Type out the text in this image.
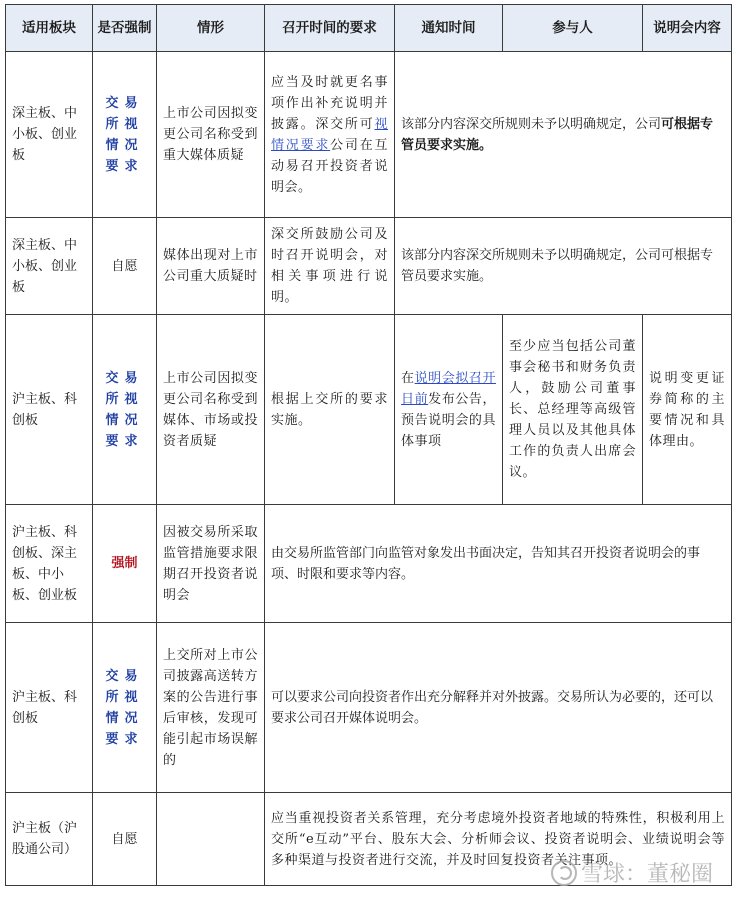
适用板块	是否强制	情形	召开时间的要求	通知时间	参与人	说明会内容
深主板、中小板、创业板	交易所视情况要求	上市公司因拟变更公司名称受到重大媒体质疑	应当及时就更名事项作出补充说明并披露。深交所可视情况要求公司在互动易召开投资者说明会。	该部分内容深交所规则未予以明确规定，公司可根据专管员要求实施。		
深主板、中小板、创业板	自愿	媒体出现对上市公司重大质疑时	深交所鼓励公司及时召开说明会，对相关事项进行说明。	该部分内容深交所规则未予以明确规定，公司可根据专管员要求实施。		
沪主板、科创板	交易所视情况要求	上市公司因拟变更公司名称受到媒体、市场或投资者质疑	根据上交所的要求实施。	在说明会拟召开日前发布公告，预告说明会的具体事项	至少应当包括公司董事会秘书和财务负责人，鼓励公司董事长、总经理等高级管理人员以及其他具体工作的负责人出席会议。	说明变更证券简称的主要情况和具体理由。
沪主板、科创板、深主板、中小板、创业板	强制	因被交易所采取监管措施要求限期召开投资者说明会	由交易所监管部门向监管对象发出书面决定，告知其召开投资者说明会的事项、时限和要求等内容。			
沪主板、科创板	交易所视情况要求	上交所对上市公司披露高送转方案的公告进行事后审核，发现可能引起市场误解的	可以要求公司向投资者作出充分解释并对外披露。交易所认为必要的，还可以要求公司召开媒体说明会。			
沪主板（沪股通公司）	自愿		应当重视投资者关系管理，充分考虑境外投资者地域的特殊性，积极利用上交所“e互动”平台、股东大会、分析师会议、投资者说明会、业绩说明会等多种渠道与投资者进行交流，并及时回复投资者关注事项。			
雪球：董秘圈
